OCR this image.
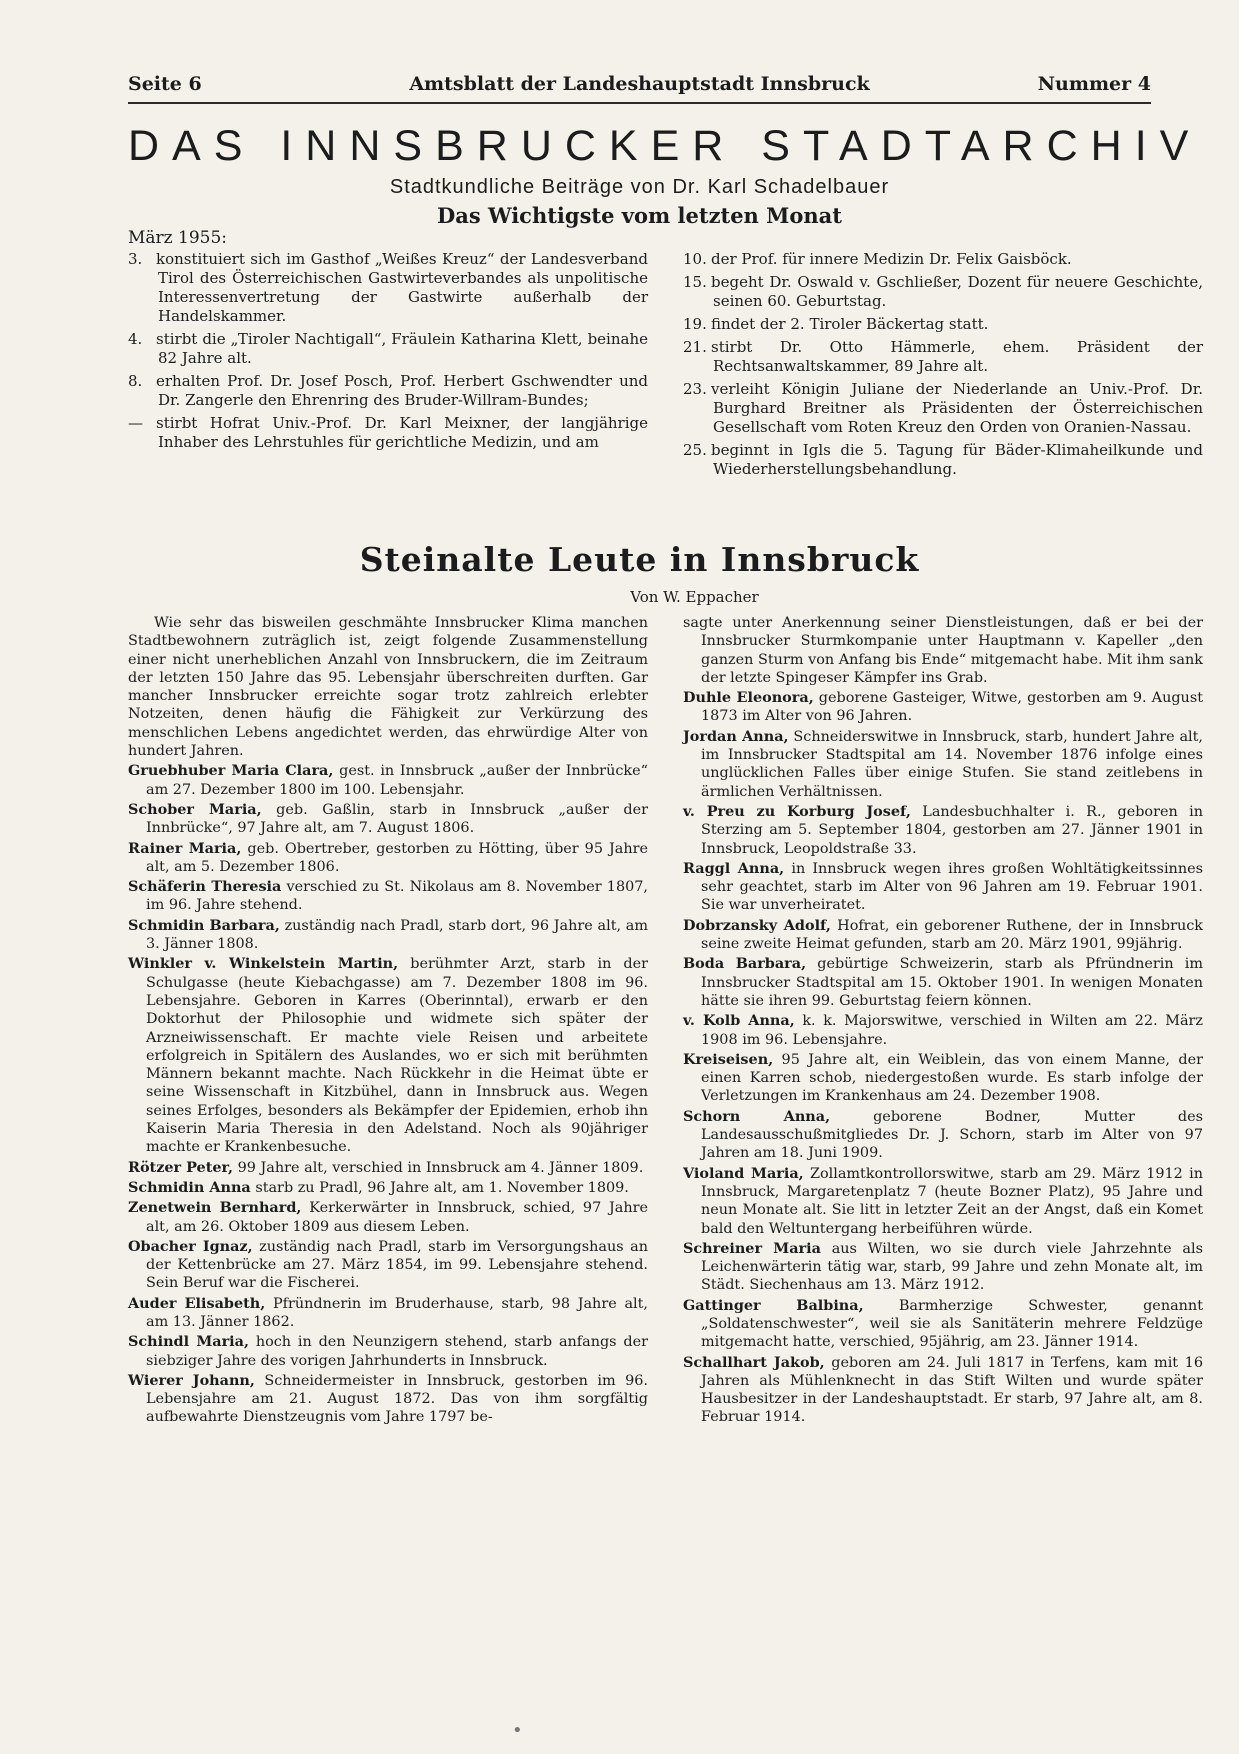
Seite 6	Amtsblatt der Landeshauptstadt Innsbruck	Nummer 4
DAS INNSBRUCKER STADTARCHIV
Stadtkundliche Beiträge von Dr. Karl Schadelbauer
Das Wichtigste vom letzten Monat
März 1955:

3. konstituiert sich im Gasthof „Weißes Kreuz“ der Landesverband Tirol des Österreichischen Gastwirteverbandes als unpolitische Interessenvertretung der Gastwirte außerhalb der Handelskammer.

4. stirbt die „Tiroler Nachtigall“, Fräulein Katharina Klett, beinahe 82 Jahre alt.

8. erhalten Prof. Dr. Josef Posch, Prof. Herbert Gschwendter und Dr. Zangerle den Ehrenring des Bruder-Willram-Bundes;

— stirbt Hofrat Univ.-Prof. Dr. Karl Meixner, der langjährige Inhaber des Lehrstuhles für gerichtliche Medizin, und am

10. der Prof. für innere Medizin Dr. Felix Gaisböck.

15. begeht Dr. Oswald v. Gschließer, Dozent für neuere Geschichte, seinen 60. Geburtstag.

19. findet der 2. Tiroler Bäckertag statt.

21. stirbt Dr. Otto Hämmerle, ehem. Präsident der Rechtsanwaltskammer, 89 Jahre alt.

23. verleiht Königin Juliane der Niederlande an Univ.-Prof. Dr. Burghard Breitner als Präsidenten der Österreichischen Gesellschaft vom Roten Kreuz den Orden von Oranien-Nassau.

25. beginnt in Igls die 5. Tagung für Bäder-Klimaheilkunde und Wiederherstellungsbehandlung.

Steinalte Leute in Innsbruck
Von W. Eppacher

Wie sehr das bisweilen geschmähte Innsbrucker Klima manchen Stadtbewohnern zuträglich ist, zeigt folgende Zusammenstellung einer nicht unerheblichen Anzahl von Innsbruckern, die im Zeitraum der letzten 150 Jahre das 95. Lebensjahr überschreiten durften. Gar mancher Innsbrucker erreichte sogar trotz zahlreich erlebter Notzeiten, denen häufig die Fähigkeit zur Verkürzung des menschlichen Lebens angedichtet werden, das ehrwürdige Alter von hundert Jahren.

Gruebhuber Maria Clara, gest. in Innsbruck „außer der Innbrücke“ am 27. Dezember 1800 im 100. Lebensjahr.

Schober Maria, geb. Gaßlin, starb in Innsbruck „außer der Innbrücke“, 97 Jahre alt, am 7. August 1806.

Rainer Maria, geb. Obertreber, gestorben zu Hötting, über 95 Jahre alt, am 5. Dezember 1806.

Schäferin Theresia verschied zu St. Nikolaus am 8. November 1807, im 96. Jahre stehend.

Schmidin Barbara, zuständig nach Pradl, starb dort, 96 Jahre alt, am 3. Jänner 1808.

Winkler v. Winkelstein Martin, berühmter Arzt, starb in der Schulgasse (heute Kiebachgasse) am 7. Dezember 1808 im 96. Lebensjahre. Geboren in Karres (Oberinntal), erwarb er den Doktorhut der Philosophie und widmete sich später der Arzneiwissenschaft. Er machte viele Reisen und arbeitete erfolgreich in Spitälern des Auslandes, wo er sich mit berühmten Männern bekannt machte. Nach Rückkehr in die Heimat übte er seine Wissenschaft in Kitzbühel, dann in Innsbruck aus. Wegen seines Erfolges, besonders als Bekämpfer der Epidemien, erhob ihn Kaiserin Maria Theresia in den Adelstand. Noch als 90jähriger machte er Krankenbesuche.

Rötzer Peter, 99 Jahre alt, verschied in Innsbruck am 4. Jänner 1809.

Schmidin Anna starb zu Pradl, 96 Jahre alt, am 1. November 1809.

Zenetwein Bernhard, Kerkerwärter in Innsbruck, schied, 97 Jahre alt, am 26. Oktober 1809 aus diesem Leben.

Obacher Ignaz, zuständig nach Pradl, starb im Versorgungshaus an der Kettenbrücke am 27. März 1854, im 99. Lebensjahre stehend. Sein Beruf war die Fischerei.

Auder Elisabeth, Pfründnerin im Bruderhause, starb, 98 Jahre alt, am 13. Jänner 1862.

Schindl Maria, hoch in den Neunzigern stehend, starb anfangs der siebziger Jahre des vorigen Jahrhunderts in Innsbruck.

Wierer Johann, Schneidermeister in Innsbruck, gestorben im 96. Lebensjahre am 21. August 1872. Das von ihm sorgfältig aufbewahrte Dienstzeugnis vom Jahre 1797 be-

sagte unter Anerkennung seiner Dienstleistungen, daß er bei der Innsbrucker Sturmkompanie unter Hauptmann v. Kapeller „den ganzen Sturm von Anfang bis Ende“ mitgemacht habe. Mit ihm sank der letzte Spingeser Kämpfer ins Grab.

Duhle Eleonora, geborene Gasteiger, Witwe, gestorben am 9. August 1873 im Alter von 96 Jahren.

Jordan Anna, Schneiderswitwe in Innsbruck, starb, hundert Jahre alt, im Innsbrucker Stadtspital am 14. November 1876 infolge eines unglücklichen Falles über einige Stufen. Sie stand zeitlebens in ärmlichen Verhältnissen.

v. Preu zu Korburg Josef, Landesbuchhalter i. R., geboren in Sterzing am 5. September 1804, gestorben am 27. Jänner 1901 in Innsbruck, Leopoldstraße 33.

Raggl Anna, in Innsbruck wegen ihres großen Wohltätigkeitssinnes sehr geachtet, starb im Alter von 96 Jahren am 19. Februar 1901. Sie war unverheiratet.

Dobrzansky Adolf, Hofrat, ein geborener Ruthene, der in Innsbruck seine zweite Heimat gefunden, starb am 20. März 1901, 99jährig.

Boda Barbara, gebürtige Schweizerin, starb als Pfründnerin im Innsbrucker Stadtspital am 15. Oktober 1901. In wenigen Monaten hätte sie ihren 99. Geburtstag feiern können.

v. Kolb Anna, k. k. Majorswitwe, verschied in Wilten am 22. März 1908 im 96. Lebensjahre.

Kreiseisen, 95 Jahre alt, ein Weiblein, das von einem Manne, der einen Karren schob, niedergestoßen wurde. Es starb infolge der Verletzungen im Krankenhaus am 24. Dezember 1908.

Schorn Anna,	geborene Bodner, Mutter des Landesausschußmitgliedes Dr. J. Schorn, starb im Alter von 97 Jahren am 18. Juni 1909.

Violand Maria, Zollamtkontrollorswitwe, starb am 29. März 1912 in Innsbruck, Margaretenplatz 7 (heute Bozner Platz), 95 Jahre und neun Monate alt. Sie litt in letzter Zeit an der Angst, daß ein Komet bald den Weltuntergang herbeiführen würde.

Schreiner Maria aus Wilten, wo sie durch viele Jahrzehnte als Leichenwärterin tätig war, starb, 99 Jahre und zehn Monate alt, im Städt. Siechenhaus am 13. März 1912.

Gattinger Balbina, Barmherzige Schwester, genannt „Soldatenschwester“, weil sie als Sanitäterin mehrere Feldzüge mitgemacht hatte, verschied, 95jährig, am 23. Jänner 1914.

Schallhart Jakob, geboren am 24. Juli 1817 in Terfens, kam mit 16 Jahren als Mühlenknecht in das Stift Wilten und wurde später Hausbesitzer in der Landeshauptstadt. Er starb, 97 Jahre alt, am 8. Februar 1914.

•
